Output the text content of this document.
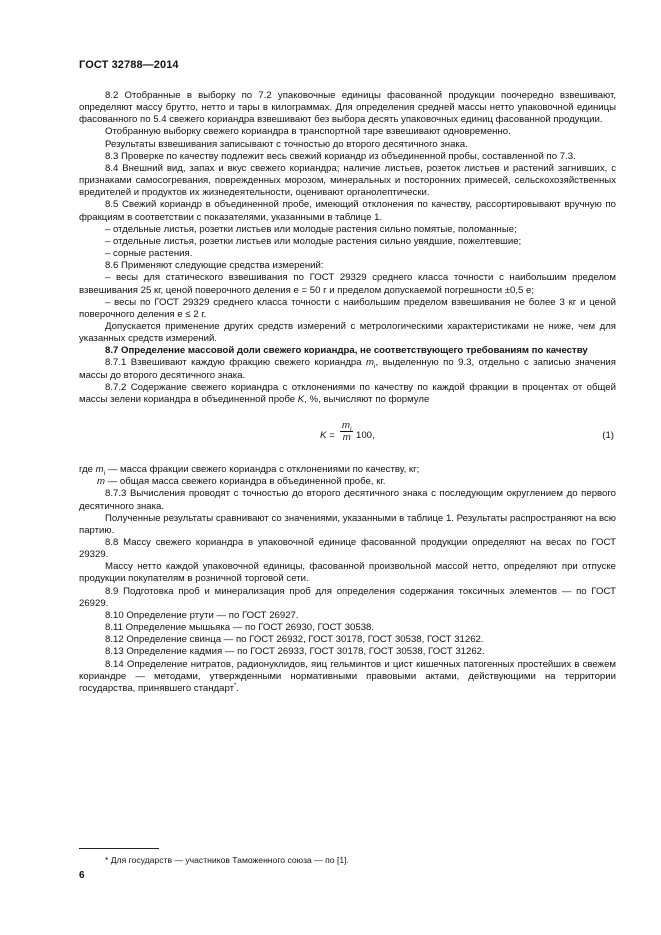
ГОСТ 32788—2014

8.2 Отобранные в выборку по 7.2 упаковочные единицы фасованной продукции поочередно взвешивают, определяют массу брутто, нетто и тары в килограммах. Для определения средней массы нетто упаковочной единицы фасованного по 5.4 свежего кориандра взвешивают без выбора десять упаковочных единиц фасованной продукции.

Отобранную выборку свежего кориандра в транспортной таре взвешивают одновременно.

Результаты взвешивания записывают с точностью до второго десятичного знака.

8.3 Проверке по качеству подлежит весь свежий кориандр из объединенной пробы, составленной по 7.3.

8.4 Внешний вид, запах и вкус свежего кориандра; наличие листьев, розеток листьев и растений загнивших, с признаками самосогревания, поврежденных морозом, минеральных и посторонних примесей, сельскохозяйственных вредителей и продуктов их жизнедеятельности, оценивают органолептически.

8.5 Свежий кориандр в объединенной пробе, имеющий отклонения по качеству, рассортировывают вручную по фракциям в соответствии с показателями, указанными в таблице 1.

– отдельные листья, розетки листьев или молодые растения сильно помятые, поломанные;

– отдельные листья, розетки листьев или молодые растения сильно увядшие, пожелтевшие;

– сорные растения.

8.6 Применяют следующие средства измерений:

– весы для статического взвешивания по ГОСТ 29329 среднего класса точности с наибольшим пределом взвешивания 25 кг, ценой поверочного деления е = 50 г и пределом допускаемой погрешности ±0,5 е;

– весы по ГОСТ 29329 среднего класса точности с наибольшим пределом взвешивания не более 3 кг и ценой поверочного деления е ≤ 2 г.

Допускается применение других средств измерений с метрологическими характеристиками не ниже, чем для указанных средств измерений.

8.7 Определение массовой доли свежего кориандра, не соответствующего требованиям по качеству

8.7.1 Взвешивают каждую фракцию свежего кориандра $m_i$, выделенную по 9.3, отдельно с записью значения массы до второго десятичного знака.

8.7.2 Содержание свежего кориандра с отклонениями по качеству по каждой фракции в процентах от общей массы зелени кориандра в объединенной пробе K, %, вычисляют по формуле

$K = \frac{m_i}{m} 100$,	(1)

где $m_i$ — масса фракции свежего кориандра с отклонениями по качеству, кг;

m — общая масса свежего кориандра в объединенной пробе, кг.

8.7.3 Вычисления проводят с точностью до второго десятичного знака с последующим округлением до первого десятичного знака.

Полученные результаты сравнивают со значениями, указанными в таблице 1. Результаты распространяют на всю партию.

8.8 Массу свежего кориандра в упаковочной единице фасованной продукции определяют на весах по ГОСТ 29329.

Массу нетто каждой упаковочной единицы, фасованной произвольной массой нетто, определяют при отпуске продукции покупателям в розничной торговой сети.

8.9 Подготовка проб и минерализация проб для определения содержания токсичных элементов — по ГОСТ 26929.

8.10 Определение ртути — по ГОСТ 26927.

8.11 Определение мышьяка — по ГОСТ 26930, ГОСТ 30538.

8.12 Определение свинца — по ГОСТ 26932, ГОСТ 30178, ГОСТ 30538, ГОСТ 31262.

8.13 Определение кадмия — по ГОСТ 26933, ГОСТ 30178, ГОСТ 30538, ГОСТ 31262.

8.14 Определение нитратов, радионуклидов, яиц гельминтов и цист кишечных патогенных простейших в свежем кориандре — методами, утвержденными нормативными правовыми актами, действующими на территории государства, принявшего стандарт*.

* Для государств — участников Таможенного союза — по [1].
6
